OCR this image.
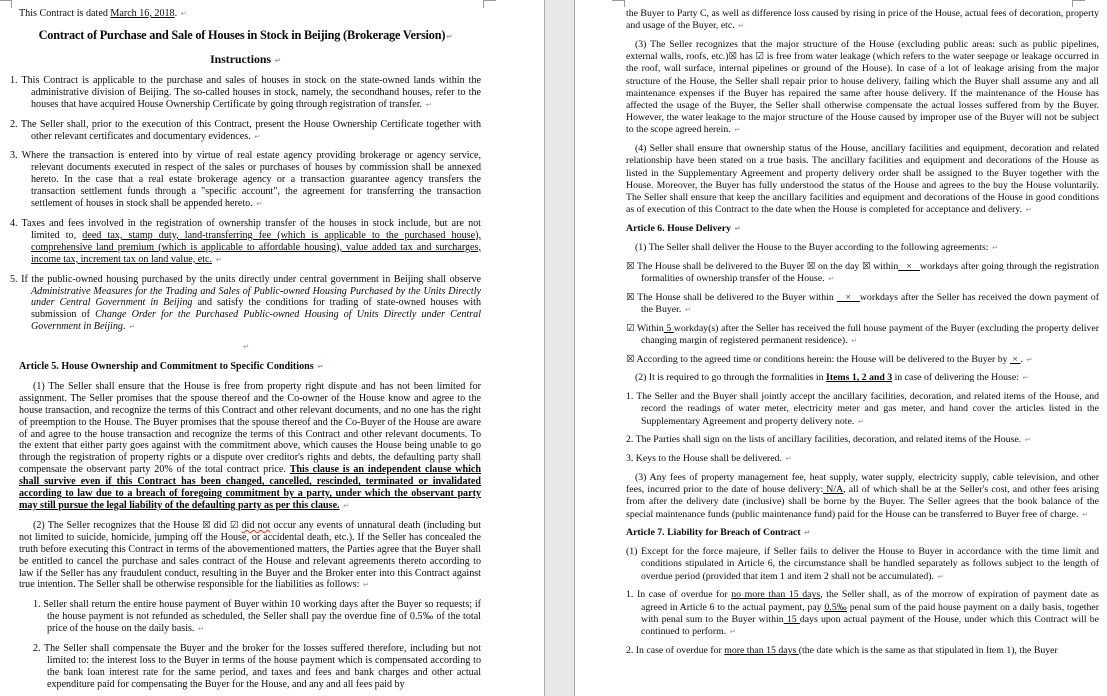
This Contract is dated March 16, 2018. ↵

Contract of Purchase and Sale of Houses in Stock in Beijing (Brokerage Version)↵

Instructions ↵

1. This Contract is applicable to the purchase and sales of houses in stock on the state-owned lands within the administrative division of Beijing. The so-called houses in stock, namely, the secondhand houses, refer to the houses that have acquired House Ownership Certificate by going through registration of transfer. ↵

2. The Seller shall, prior to the execution of this Contract, present the House Ownership Certificate together with other relevant certificates and documentary evidences. ↵

3. Where the transaction is entered into by virtue of real estate agency providing brokerage or agency service, relevant documents executed in respect of the sales or purchases of houses by commission shall be annexed hereto. In the case that a real estate brokerage agency or a transaction guarantee agency transfers the transaction settlement funds through a "specific account", the agreement for transferring the transaction settlement of houses in stock shall be appended hereto. ↵

4. Taxes and fees involved in the registration of ownership transfer of the houses in stock include, but are not limited to, deed tax, stamp duty, land-transferring fee (which is applicable to the purchased house), comprehensive land premium (which is applicable to affordable housing), value added tax and surcharges, income tax, increment tax on land value, etc. ↵

5. If the public-owned housing purchased by the units directly under central government in Beijing shall observe Administrative Measures for the Trading and Sales of Public-owned Housing Purchased by the Units Directly under Central Government in Beijing and satisfy the conditions for trading of state-owned houses with submission of Change Order for the Purchased Public-owned Housing of Units Directly under Central Government in Beijing. ↵

↵

Article 5. House Ownership and Commitment to Specific Conditions ↵

(1) The Seller shall ensure that the House is free from property right dispute and has not been limited for assignment. The Seller promises that the spouse thereof and the Co-owner of the House know and agree to the house transaction, and recognize the terms of this Contract and other relevant documents, and no one has the right of preemption to the House. The Buyer promises that the spouse thereof and the Co-Buyer of the House are aware of and agree to the house transaction and recognize the terms of this Contract and other relevant documents. To the extent that either party goes against with the commitment above, which causes the House being unable to go through the registration of property rights or a dispute over creditor's rights and debts, the defaulting party shall compensate the observant party 20% of the total contract price. This clause is an independent clause which shall survive even if this Contract has been changed, cancelled, rescinded, terminated or invalidated according to law due to a breach of foregoing commitment by a party, under which the observant party may still pursue the legal liability of the defaulting party as per this clause. ↵

(2) The Seller recognizes that the House ☒ did ☑ did not occur any events of unnatural death (including but not limited to suicide, homicide, jumping off the House, or accidental death, etc.). If the Seller has concealed the truth before executing this Contract in terms of the abovementioned matters, the Parties agree that the Buyer shall be entitled to cancel the purchase and sales contract of the House and relevant agreements thereto according to law if the Seller has any fraudulent conduct, resulting in the Buyer and the Broker enter into this Contract against true intention. The Seller shall be otherwise responsible for the liabilities as follows: ↵

1. Seller shall return the entire house payment of Buyer within 10 working days after the Buyer so requests; if the house payment is not refunded as scheduled, the Seller shall pay the overdue fine of 0.5‰ of the total price of the house on the daily basis. ↵

2. The Seller shall compensate the Buyer and the broker for the losses suffered therefore, including but not limited to: the interest loss to the Buyer in terms of the house payment which is compensated according to the bank loan interest rate for the same period, and taxes and fees and bank charges and other actual expenditure paid for compensating the Buyer for the House, and any and all fees paid by

the Buyer to Party C, as well as difference loss caused by rising in price of the House, actual fees of decoration, property and usage of the Buyer, etc. ↵

(3) The Seller recognizes that the major structure of the House (excluding public areas: such as public pipelines, external walls, roofs, etc.)☒ has ☑ is free from water leakage (which refers to the water seepage or leakage occurred in the roof, wall surface, internal pipelines or ground of the House). In case of a lot of leakage arising from the major structure of the House, the Seller shall repair prior to house delivery, failing which the Buyer shall assume any and all maintenance expenses if the Buyer has repaired the same after house delivery. If the maintenance of the House has affected the usage of the Buyer, the Seller shall otherwise compensate the actual losses suffered from by the Buyer. However, the water leakage to the major structure of the House caused by improper use of the Buyer will not be subject to the scope agreed herein. ↵

(4) Seller shall ensure that ownership status of the House, ancillary facilities and equipment, decoration and related relationship have been stated on a true basis. The ancillary facilities and equipment and decorations of the House as listed in the Supplementary Agreement and property delivery order shall be assigned to the Buyer together with the House. Moreover, the Buyer has fully understood the status of the House and agrees to the buy the House voluntarily. The Seller shall ensure that keep the ancillary facilities and equipment and decorations of the House in good conditions as of execution of this Contract to the date when the House is completed for acceptance and delivery. ↵

Article 6. House Delivery ↵

(1) The Seller shall deliver the House to the Buyer according to the following agreements: ↵

☒ The House shall be delivered to the Buyer ☒ on the day ☒ within   ×   workdays after going through the registration formalities of ownership transfer of the House. ↵

☒ The House shall be delivered to the Buyer within    ×   workdays after the Seller has received the down payment of the Buyer. ↵

☑ Within 5 workday(s) after the Seller has received the full house payment of the Buyer (excluding the property deliver changing margin of registered permanent residence). ↵

☒ According to the agreed time or conditions herein: the House will be delivered to the Buyer by  × . ↵

(2) It is required to go through the formalities in Items 1, 2 and 3 in case of delivering the House: ↵

1. The Seller and the Buyer shall jointly accept the ancillary facilities, decoration, and related items of the House, and record the readings of water meter, electricity meter and gas meter, and hand cover the articles listed in the Supplementary Agreement and property delivery note. ↵

2. The Parties shall sign on the lists of ancillary facilities, decoration, and related items of the House. ↵

3. Keys to the House shall be delivered. ↵

(3) Any fees of property management fee, heat supply, water supply, electricity supply, cable television, and other fees, incurred prior to the date of house delivery: N/A, all of which shall be at the Seller's cost, and other fees arising from after the delivery date (inclusive) shall be borne by the Buyer. The Seller agrees that the book balance of the special maintenance funds (public maintenance fund) paid for the House can be transferred to Buyer free of charge. ↵

Article 7. Liability for Breach of Contract ↵

(1) Except for the force majeure, if Seller fails to deliver the House to Buyer in accordance with the time limit and conditions stipulated in Article 6, the circumstance shall be handled separately as follows subject to the length of overdue period (provided that item 1 and item 2 shall not be accumulated). ↵

1. In case of overdue for no more than 15 days, the Seller shall, as of the morrow of expiration of payment date as agreed in Article 6 to the actual payment, pay 0.5‰ penal sum of the paid house payment on a daily basis, together with penal sum to the Buyer within 15 days upon actual payment of the House, under which this Contract will be continued to perform. ↵

2. In case of overdue for more than 15 days (the date which is the same as that stipulated in Item 1), the Buyer
